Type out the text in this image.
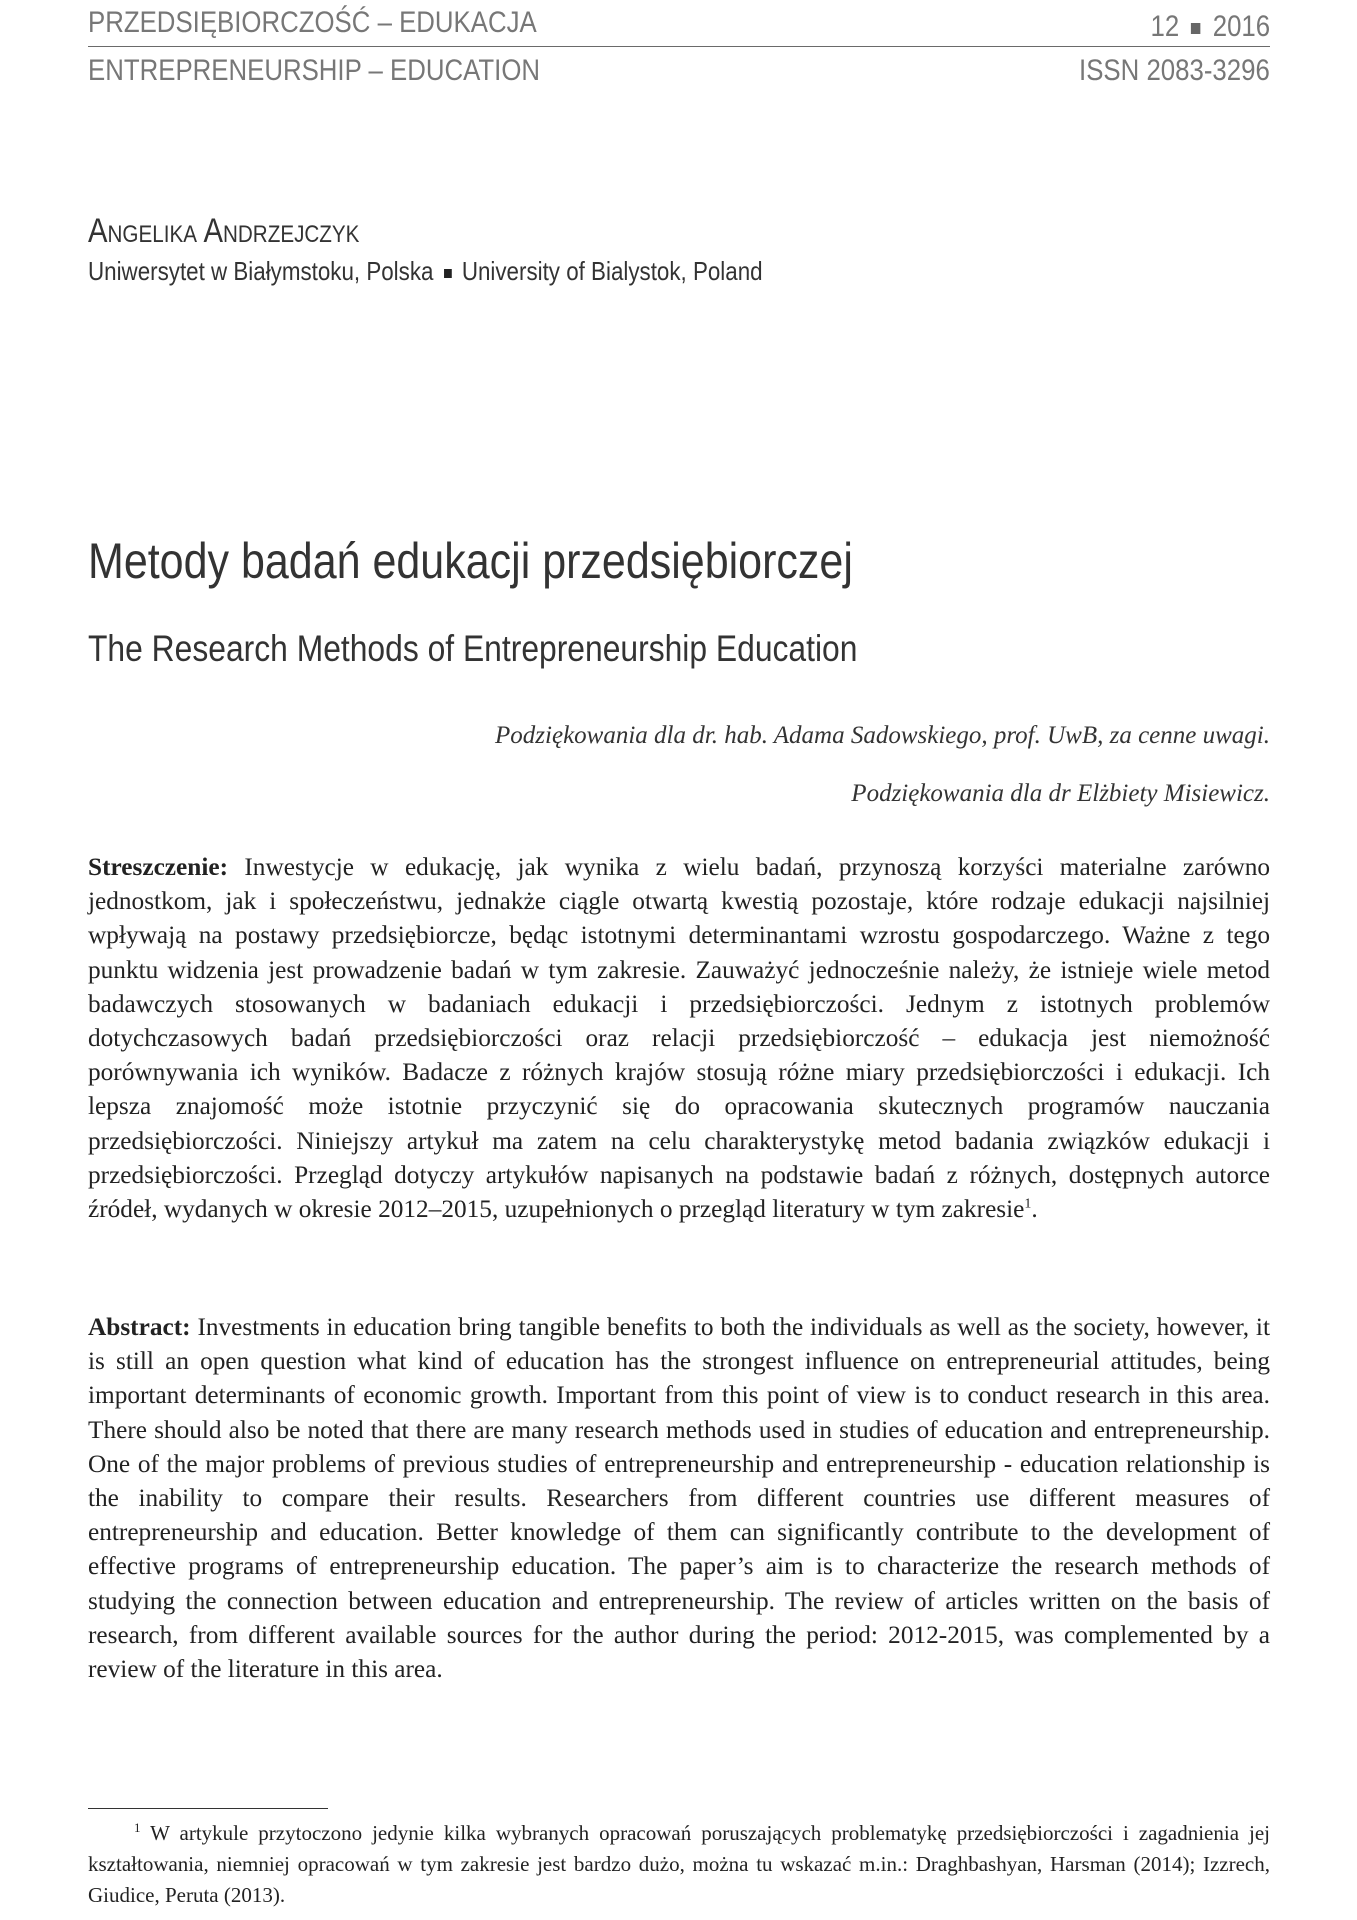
PRZEDSIĘBIORCZOŚĆ – EDUKACJA	12 2016
ENTREPRENEURSHIP – EDUCATION	ISSN 2083-3296
Angelika Andrzejczyk
Uniwersytet w Białymstoku, Polska University of Bialystok, Poland
Metody badań edukacji przedsiębiorczej
The Research Methods of Entrepreneurship Education
Podziękowania dla dr. hab. Adama Sadowskiego, prof. UwB, za cenne uwagi.
Podziękowania dla dr Elżbiety Misiewicz.
Streszczenie: Inwestycje w edukację, jak wynika z wielu badań, przynoszą korzyści materialne zarówno jednostkom, jak i społeczeństwu, jednakże ciągle otwartą kwestią pozostaje, które rodzaje edukacji najsilniej wpływają na postawy przedsiębiorcze, będąc istotnymi determinantami wzrostu gospodarczego. Ważne z tego punktu widzenia jest prowadzenie badań w tym zakresie. Zauważyć jednocześnie należy, że istnieje wiele metod badawczych stosowanych w badaniach edukacji i przedsiębiorczości. Jednym z istotnych problemów dotychczasowych badań przedsiębiorczości oraz relacji przedsiębiorczość – edukacja jest niemożność porównywania ich wyników. Badacze z różnych krajów stosują różne miary przedsiębiorczości i edukacji. Ich lepsza znajomość może istotnie przyczynić się do opracowania skutecznych programów nauczania przedsiębiorczości. Niniejszy artykuł ma zatem na celu charakterystykę metod badania związków edukacji i przedsiębiorczości. Przegląd dotyczy artykułów napisanych na podstawie badań z różnych, dostępnych autorce źródeł, wydanych w okresie 2012–2015, uzupełnionych o przegląd literatury w tym zakresie$^1$.
Abstract: Investments in education bring tangible benefits to both the individuals as well as the society, however, it is still an open question what kind of education has the strongest influence on entrepreneurial attitudes, being important determinants of economic growth. Important from this point of view is to conduct research in this area. There should also be noted that there are many research methods used in studies of education and entrepreneurship. One of the major problems of previous studies of entrepreneurship and entrepreneurship - education relationship is the inability to compare their results. Researchers from different countries use different measures of entrepreneurship and education. Better knowledge of them can significantly contribute to the development of effective programs of entrepreneurship education. The paper’s aim is to characterize the research methods of studying the connection between education and entrepreneurship. The review of articles written on the basis of research, from different available sources for the author during the period: 2012-2015, was complemented by a review of the literature in this area.
$^1$ W artykule przytoczono jedynie kilka wybranych opracowań poruszających problematykę przedsiębiorczości i zagadnienia jej kształtowania, niemniej opracowań w tym zakresie jest bardzo dużo, można tu wskazać m.in.: Draghbashyan, Harsman (2014); Izzrech, Giudice, Peruta (2013).
